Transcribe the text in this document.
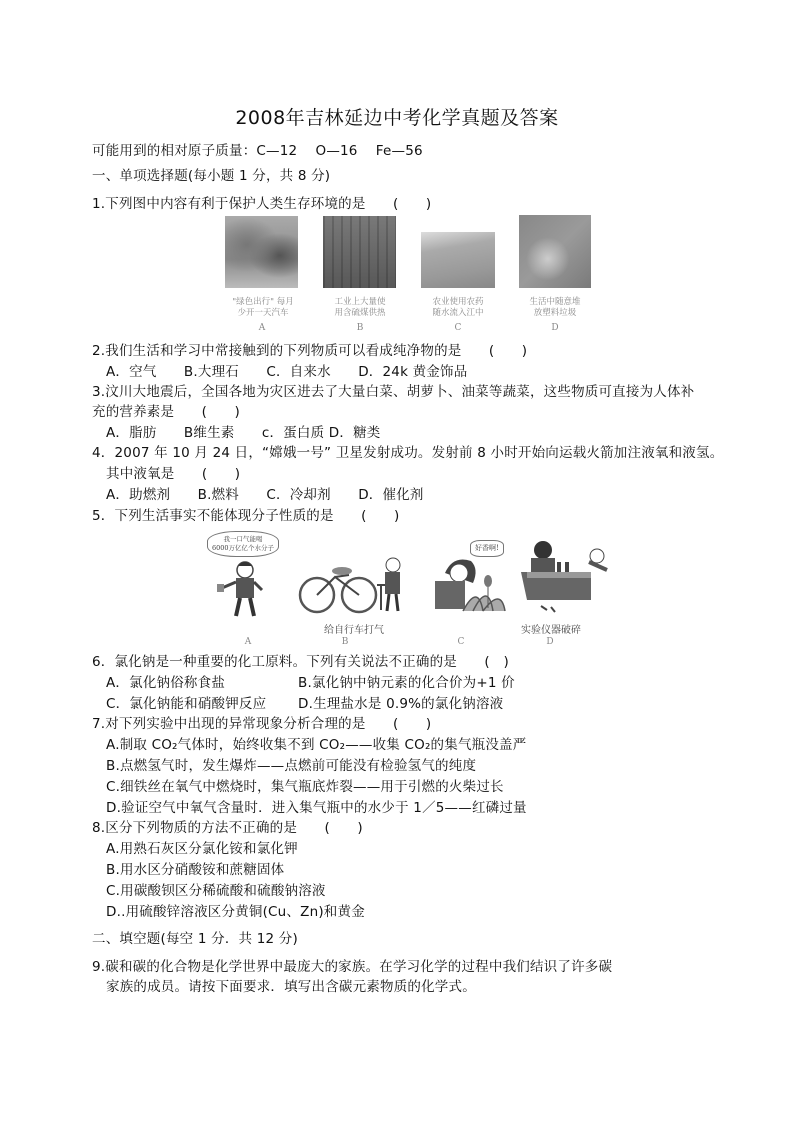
2008年吉林延边中考化学真题及答案
可能用到的相对原子质量：C—12　 O—16　 Fe—56
一、单项选择题(每小题 1 分，共 8 分)
1.下列图中内容有利于保护人类生存环境的是　　(　　)
"绿色出行" 每月
少开一天汽车
A
工业上大量使
用含硫煤供热
B
农业使用农药
随水流入江中
C
生活中随意堆
放塑料垃圾
D
2.我们生活和学习中常接触到的下列物质可以看成纯净物的是　　(　　)
A．空气　　B.大理石　　C．自来水　　D．24k 黄金饰品
3.汶川大地震后，全国各地为灾区进去了大量白菜、胡萝卜、油菜等蔬菜，这些物质可直接为人体补
充的营养素是　　(　　)
A．脂肪　　B维生素　　c．蛋白质 D．糖类
4．2007 年 10 月 24 日，“嫦娥一号” 卫星发射成功。发射前 8 小时开始向运载火箭加注液氧和液氢。
其中液氧是　　(　　)
A．助燃剂　　B.燃料　　C．冷却剂　　D．催化剂
5．下列生活事实不能体现分子性质的是　　(　　)
我一口气能喝
6000万亿亿个水分子
A
给自行车打气
B
好香啊!
C
实验仪器破碎
D
6．氯化钠是一种重要的化工原料。下列有关说法不正确的是　　(　)
A．氯化钠俗称食盐	B.氯化钠中钠元素的化合价为+1 价
C．氯化钠能和硝酸钾反应 D.生理盐水是 0.9%的氯化钠溶液
7.对下列实验中出现的异常现象分析合理的是　　(　　)
A.制取 CO₂气体时，始终收集不到 CO₂——收集 CO₂的集气瓶没盖严
B.点燃氢气时，发生爆炸——点燃前可能没有检验氢气的纯度
C.细铁丝在氧气中燃烧时，集气瓶底炸裂——用于引燃的火柴过长
D.验证空气中氧气含量时．进入集气瓶中的水少于 1／5——红磷过量
8.区分下列物质的方法不正确的是　　(　　)
A.用熟石灰区分氯化铵和氯化钾
B.用水区分硝酸铵和蔗糖固体
C.用碳酸钡区分稀硫酸和硫酸钠溶液
D..用硫酸锌溶液区分黄铜(Cu、Zn)和黄金
二、填空题(每空 1 分．共 12 分)
9.碳和碳的化合物是化学世界中最庞大的家族。在学习化学的过程中我们结识了许多碳
家族的成员。请按下面要求．填写出含碳元素物质的化学式。
